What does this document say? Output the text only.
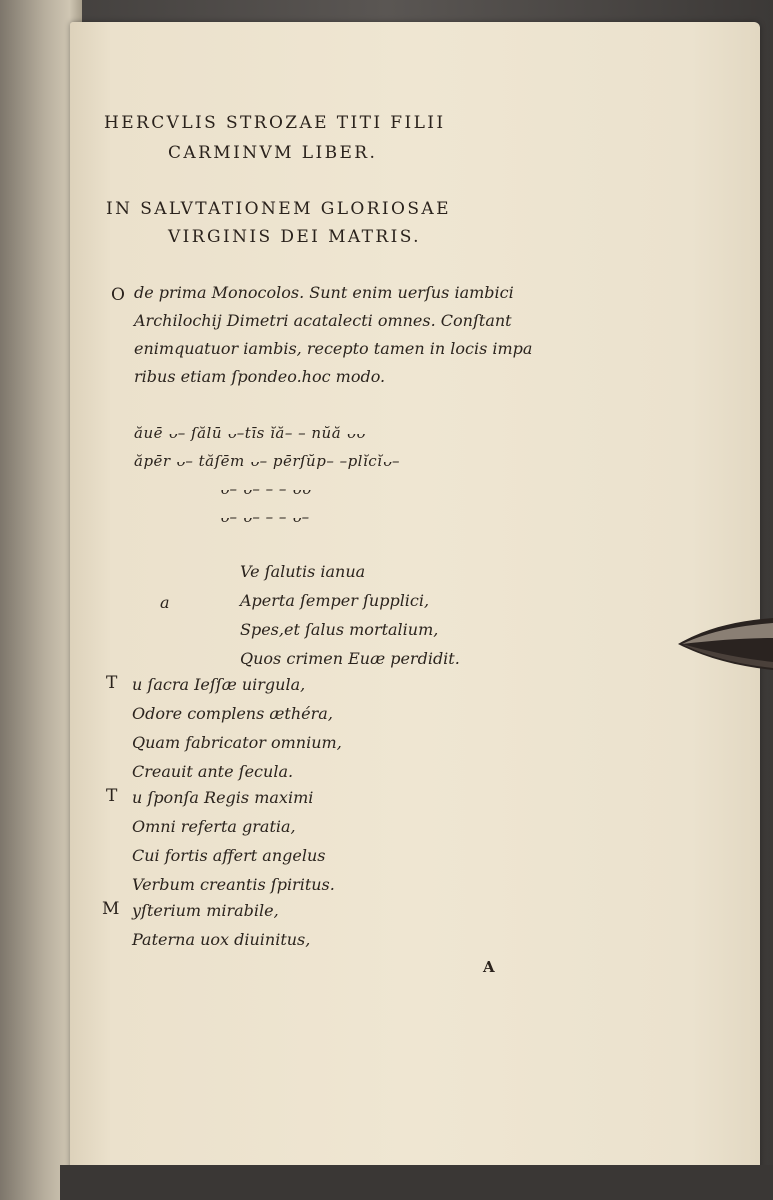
HERCVLIS STROZAE TITI FILII
CARMINVM LIBER.
IN SALVTATIONEM GLORIOSAE
VIRGINIS DEI MATRIS.
O de prima Monocolos. Sunt enim uerſus iambici
Archilochij Dimetri acatalecti omnes. Conſtant
enimquatuor iambis, recepto tamen in locis impa
ribus etiam ſpondeo.hoc modo.
ăuē ᴗ– ſălū ᴗ–tīs ĭă– – nŭă ᴗᴗ
ăpēr ᴗ– tăſēm ᴗ– pērſŭp– –plĭcĭᴗ–
ᴗ– ᴗ– – – ᴗᴗ
ᴗ– ᴗ– – – ᴗ–
a
Ve ſalutis ianua
Aperta ſemper ſupplici,
Spes,et ſalus mortalium,
Quos crimen Euæ perdidit.
T u ſacra Ieſſæ uirgula,
Odore complens æthéra,
Quam fabricator omnium,
Creauit ante ſecula.
T u ſponſa Regis maximi
Omni referta gratia,
Cui fortis affert angelus
Verbum creantis ſpiritus.
M yſterium mirabile,
Paterna uox diuinitus,
A
